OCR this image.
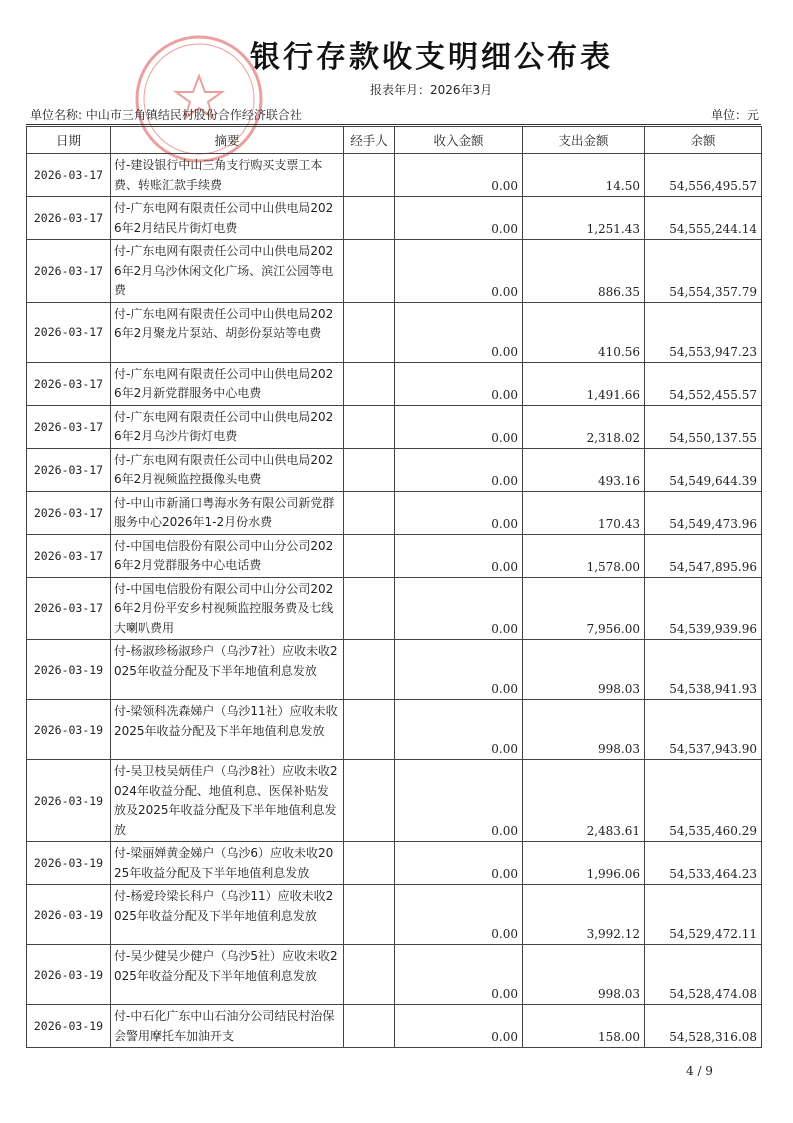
银行存款收支明细公布表
报表年月：2026年3月
单位名称: 中山市三角镇结民村股份合作经济联合社	单位：元
日期	摘要	经手人	收入金额	支出金额	余额
2026-03-17	付-建设银行中山三角支行购买支票工本费、转账汇款手续费		0.00	14.50	54,556,495.57
2026-03-17	付-广东电网有限责任公司中山供电局2026年2月结民片街灯电费		0.00	1,251.43	54,555,244.14
2026-03-17	付-广东电网有限责任公司中山供电局2026年2月乌沙休闲文化广场、滨江公园等电费		0.00	886.35	54,554,357.79
2026-03-17	付-广东电网有限责任公司中山供电局2026年2月聚龙片泵站、胡彭份泵站等电费		0.00	410.56	54,553,947.23
2026-03-17	付-广东电网有限责任公司中山供电局2026年2月新党群服务中心电费		0.00	1,491.66	54,552,455.57
2026-03-17	付-广东电网有限责任公司中山供电局2026年2月乌沙片街灯电费		0.00	2,318.02	54,550,137.55
2026-03-17	付-广东电网有限责任公司中山供电局2026年2月视频监控摄像头电费		0.00	493.16	54,549,644.39
2026-03-17	付-中山市新涌口粤海水务有限公司新党群服务中心2026年1-2月份水费		0.00	170.43	54,549,473.96
2026-03-17	付-中国电信股份有限公司中山分公司2026年2月党群服务中心电话费		0.00	1,578.00	54,547,895.96
2026-03-17	付-中国电信股份有限公司中山分公司2026年2月份平安乡村视频监控服务费及七线大喇叭费用		0.00	7,956.00	54,539,939.96
2026-03-19	付-杨淑珍杨淑珍户（乌沙7社）应收未收2025年收益分配及下半年地值利息发放		0.00	998.03	54,538,941.93
2026-03-19	付-梁领科冼森娣户（乌沙11社）应收未收2025年收益分配及下半年地值利息发放		0.00	998.03	54,537,943.90
2026-03-19	付-吴卫枝吴炳佳户（乌沙8社）应收未收2024年收益分配、地值利息、医保补贴发放及2025年收益分配及下半年地值利息发放		0.00	2,483.61	54,535,460.29
2026-03-19	付-梁丽婵黄金娣户（乌沙6）应收未收2025年收益分配及下半年地值利息发放		0.00	1,996.06	54,533,464.23
2026-03-19	付-杨爱玲梁长科户（乌沙11）应收未收2025年收益分配及下半年地值利息发放		0.00	3,992.12	54,529,472.11
2026-03-19	付-吴少健吴少健户（乌沙5社）应收未收2025年收益分配及下半年地值利息发放		0.00	998.03	54,528,474.08
2026-03-19	付-中石化广东中山石油分公司结民村治保会警用摩托车加油开支		0.00	158.00	54,528,316.08
4 / 9
